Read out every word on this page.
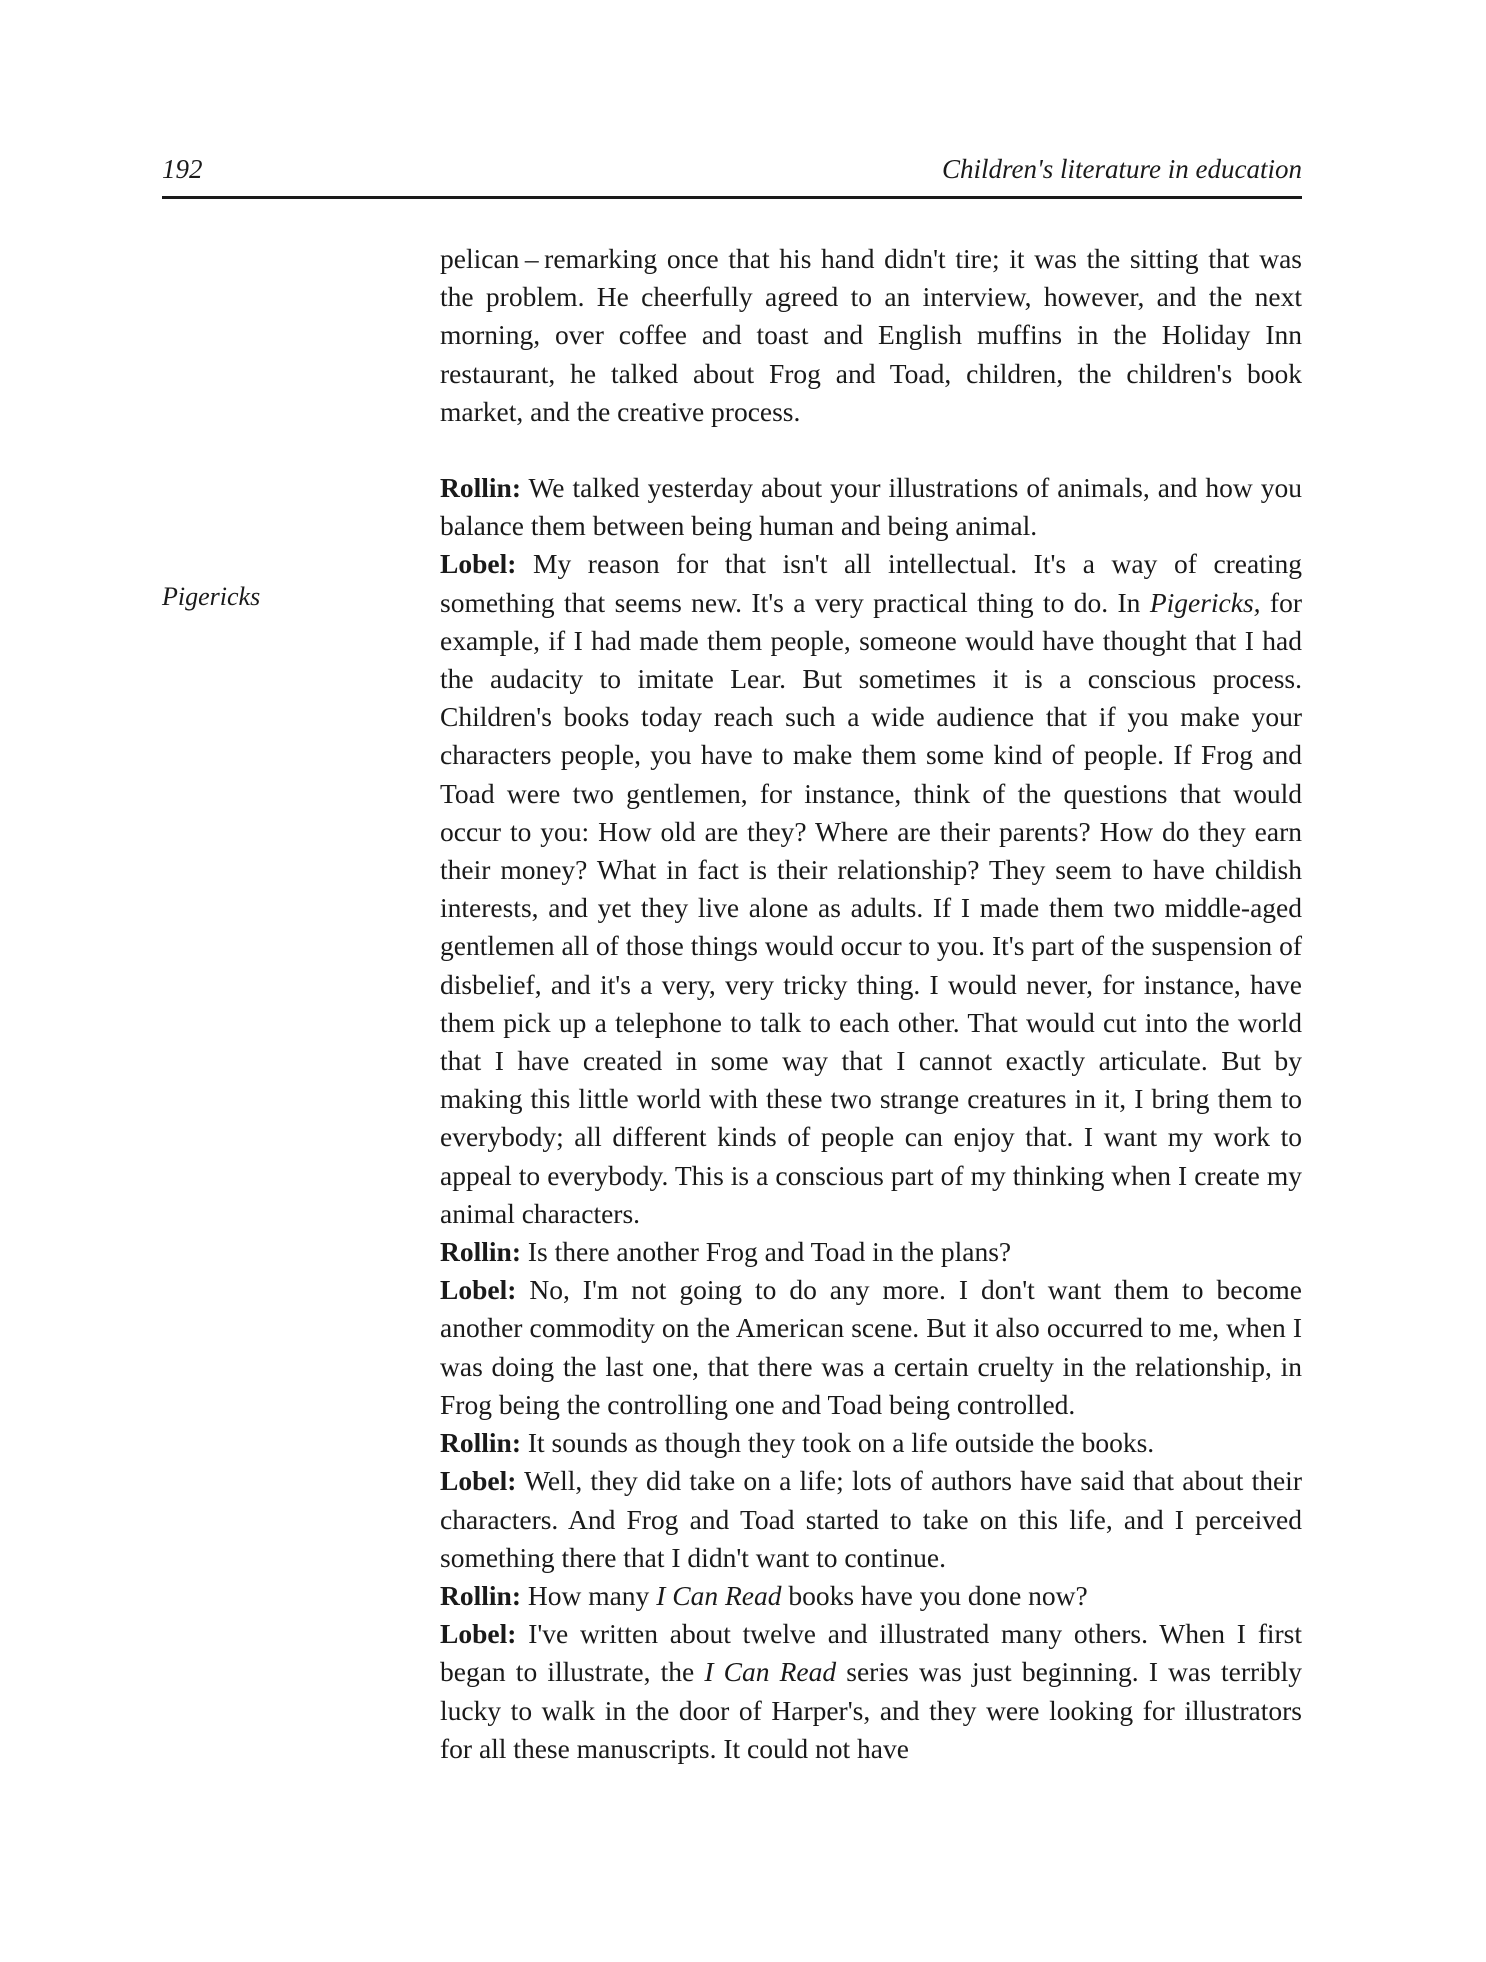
192	Children's literature in education
Pigericks

pelican – remarking once that his hand didn't tire; it was the sitting that was the problem. He cheerfully agreed to an interview, however, and the next morning, over coffee and toast and English muffins in the Holiday Inn restaurant, he talked about Frog and Toad, children, the children's book market, and the creative process.

Rollin: We talked yesterday about your illustrations of animals, and how you balance them between being human and being animal.

Lobel: My reason for that isn't all intellectual. It's a way of creating something that seems new. It's a very practical thing to do. In Pigericks, for example, if I had made them people, someone would have thought that I had the audacity to imitate Lear. But sometimes it is a conscious process. Children's books today reach such a wide audience that if you make your characters people, you have to make them some kind of people. If Frog and Toad were two gentlemen, for instance, think of the questions that would occur to you: How old are they? Where are their parents? How do they earn their money? What in fact is their relationship? They seem to have childish interests, and yet they live alone as adults. If I made them two middle-aged gentlemen all of those things would occur to you. It's part of the suspension of disbelief, and it's a very, very tricky thing. I would never, for instance, have them pick up a telephone to talk to each other. That would cut into the world that I have created in some way that I cannot exactly articulate. But by making this little world with these two strange creatures in it, I bring them to everybody; all different kinds of people can enjoy that. I want my work to appeal to everybody. This is a conscious part of my thinking when I create my animal characters.

Rollin: Is there another Frog and Toad in the plans?

Lobel: No, I'm not going to do any more. I don't want them to become another commodity on the American scene. But it also occurred to me, when I was doing the last one, that there was a certain cruelty in the relationship, in Frog being the controlling one and Toad being controlled.

Rollin: It sounds as though they took on a life outside the books.

Lobel: Well, they did take on a life; lots of authors have said that about their characters. And Frog and Toad started to take on this life, and I perceived something there that I didn't want to continue.

Rollin: How many I Can Read books have you done now?

Lobel: I've written about twelve and illustrated many others. When I first began to illustrate, the I Can Read series was just beginning. I was terribly lucky to walk in the door of Harper's, and they were looking for illustrators for all these manuscripts. It could not have
